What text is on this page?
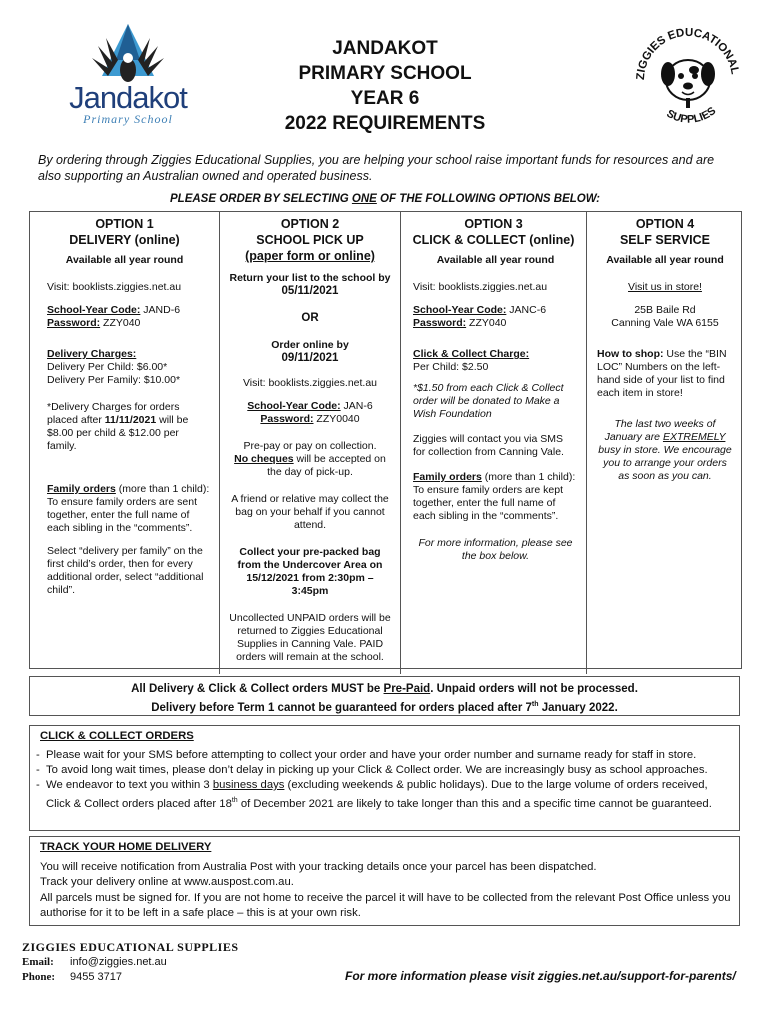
Jandakot
Primary School
JANDAKOT
PRIMARY SCHOOL
YEAR 6
2022 REQUIREMENTS
ZIGGIES EDUCATIONAL
SUPPLIES
By ordering through Ziggies Educational Supplies, you are helping your school raise important funds for resources and are also supporting an Australian owned and operated business.
PLEASE ORDER BY SELECTING ONE OF THE FOLLOWING OPTIONS BELOW:
OPTION 1
DELIVERY (online)
Available all year round

Visit: booklists.ziggies.net.au

School-Year Code: JAND-6
Password: ZZY040

Delivery Charges:
Delivery Per Child: $6.00*
Delivery Per Family: $10.00*

*Delivery Charges for orders placed after 11/11/2021 will be $8.00 per child & $12.00 per family.

Family orders (more than 1 child): To ensure family orders are sent together, enter the full name of each sibling in the “comments”.

Select “delivery per family” on the first child’s order, then for every additional order, select “additional child”.

OPTION 2
SCHOOL PICK UP
(paper form or online)
Return your list to the school by
05/11/2021
OR
Order online by
09/11/2021

Visit: booklists.ziggies.net.au

School-Year Code: JAN-6
Password: ZZY0040

Pre-pay or pay on collection.
No cheques will be accepted on the day of pick-up.

A friend or relative may collect the bag on your behalf if you cannot attend.

Collect your pre-packed bag from the Undercover Area on 15/12/2021 from 2:30pm – 3:45pm

Uncollected UNPAID orders will be returned to Ziggies Educational Supplies in Canning Vale. PAID orders will remain at the school.

OPTION 3
CLICK & COLLECT (online)
Available all year round

Visit: booklists.ziggies.net.au

School-Year Code: JANC-6
Password: ZZY040

Click & Collect Charge:
Per Child: $2.50

*$1.50 from each Click & Collect order will be donated to Make a Wish Foundation

Ziggies will contact you via SMS for collection from Canning Vale.

Family orders (more than 1 child): To ensure family orders are kept together, enter the full name of each sibling in the “comments”.

For more information, please see the box below.

OPTION 4
SELF SERVICE
Available all year round

Visit us in store!

25B Baile Rd
Canning Vale WA 6155

How to shop: Use the “BIN LOC” Numbers on the left-hand side of your list to find each item in store!

The last two weeks of January are EXTREMELY busy in store. We encourage you to arrange your orders as soon as you can.

All Delivery & Click & Collect orders MUST be Pre-Paid. Unpaid orders will not be processed.
Delivery before Term 1 cannot be guaranteed for orders placed after 7th January 2022.
CLICK & COLLECT ORDERS
- Please wait for your SMS before attempting to collect your order and have your order number and surname ready for staff in store.
- To avoid long wait times, please don’t delay in picking up your Click & Collect order. We are increasingly busy as school approaches.
- We endeavor to text you within 3 business days (excluding weekends & public holidays). Due to the large volume of orders received, Click & Collect orders placed after 18th of December 2021 are likely to take longer than this and a specific time cannot be guaranteed.
TRACK YOUR HOME DELIVERY
You will receive notification from Australia Post with your tracking details once your parcel has been dispatched.
Track your delivery online at www.auspost.com.au.
All parcels must be signed for. If you are not home to receive the parcel it will have to be collected from the relevant Post Office unless you authorise for it to be left in a safe place – this is at your own risk.
ZIGGIES EDUCATIONAL SUPPLIES
Email: info@ziggies.net.au
Phone: 9455 3717	For more information please visit ziggies.net.au/support-for-parents/
